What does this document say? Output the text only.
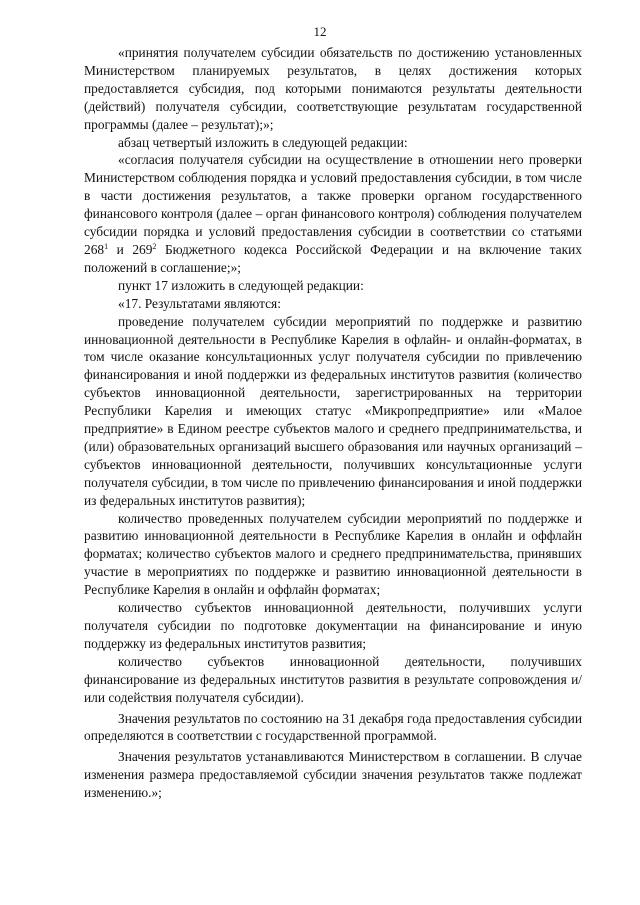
12

«принятия получателем субсидии обязательств по достижению установленных Министерством планируемых результатов, в целях достижения которых предоставляется субсидия, под которыми понимаются результаты деятельности (действий) получателя субсидии, соответствующие результатам государственной программы (далее – результат);»;

абзац четвертый изложить в следующей редакции:

«согласия получателя субсидии на осуществление в отношении него проверки Министерством соблюдения порядка и условий предоставления субсидии, в том числе в части достижения результатов, а также проверки органом государственного финансового контроля (далее – орган финансового контроля) соблюдения получателем субсидии порядка и условий предоставления субсидии в соответствии со статьями $268^1$ и $269^2$ Бюджетного кодекса Российской Федерации и на включение таких положений в соглашение;»;

пункт 17 изложить в следующей редакции:

«17. Результатами являются:

проведение получателем субсидии мероприятий по поддержке и развитию инновационной деятельности в Республике Карелия в офлайн- и онлайн-форматах, в том числе оказание консультационных услуг получателя субсидии по привлечению финансирования и иной поддержки из федеральных институтов развития (количество субъектов инновационной деятельности, зарегистрированных на территории Республики Карелия и имеющих статус «Микропредприятие» или «Малое предприятие» в Едином реестре субъектов малого и среднего предпринимательства, и (или) образовательных организаций высшего образования или научных организаций – субъектов инновационной деятельности, получивших консультационные услуги получателя субсидии, в том числе по привлечению финансирования и иной поддержки из федеральных институтов развития);

количество проведенных получателем субсидии мероприятий по поддержке и развитию инновационной деятельности в Республике Карелия в онлайн и оффлайн форматах; количество субъектов малого и среднего предпринимательства, принявших участие в мероприятиях по поддержке и развитию инновационной деятельности в Республике Карелия в онлайн и оффлайн форматах;

количество субъектов инновационной деятельности, получивших услуги получателя субсидии по подготовке документации на финансирование и иную поддержку из федеральных институтов развития;

количество субъектов инновационной деятельности, получивших финансирование из федеральных институтов развития в результате сопровождения и/или содействия получателя субсидии).

Значения результатов по состоянию на 31 декабря года предоставления субсидии определяются в соответствии с государственной программой.

Значения результатов устанавливаются Министерством в соглашении. В случае изменения размера предоставляемой субсидии значения результатов также подлежат изменению.»;
